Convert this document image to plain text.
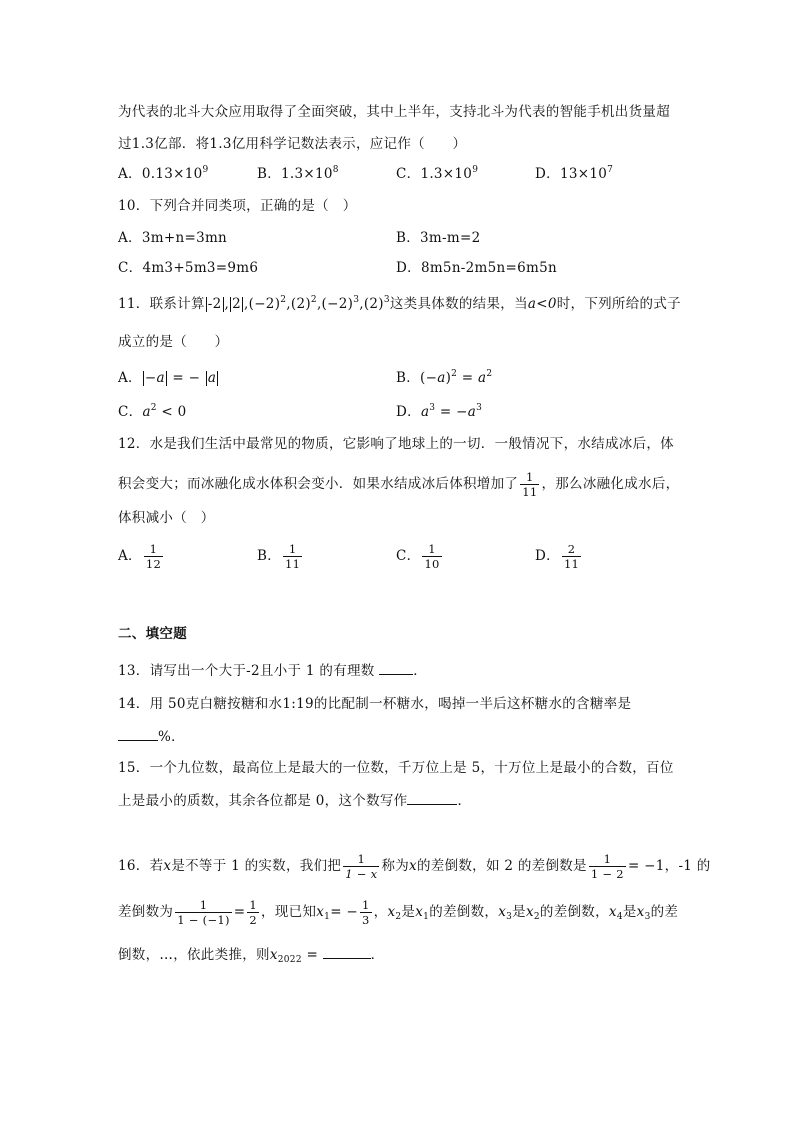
为代表的北斗大众应用取得了全面突破，其中上半年，支持北斗为代表的智能手机出货量超
过1.3亿部．将1.3亿用科学记数法表示，应记作（　　）
A．$0.13\times 10^9$	B．$1.3\times 10^8$	C．$1.3\times 10^9$	D．$13\times 10^7$
10．下列合并同类项，正确的是（　）
A．3m+n=3mn	B．3m-m=2
C．4m3+5m3=9m6	D．8m5n-2m5n=6m5n
11．联系计算 -2 , 2 $,(-2)^2,(2)^2,(-2)^3,(2)^3$这类具体数的结果，当a<0时，下列所给的式子
成立的是（　　）
A． −a = − a	B．$(-a)^2 = a^2$
C．$a^2 < 0$	D．$a^3 = -a^3$
12．水是我们生活中最常见的物质，它影响了地球上的一切．一般情况下，水结成冰后，体
积会变大；而冰融化成水体积会变小．如果水结成冰后体积增加了 $\frac{1}{11}$ ，那么冰融化成水后，
体积减小（　）
A． $\frac{1}{12}$	B． $\frac{1}{11}$	C． $\frac{1}{10}$	D． $\frac{2}{11}$
二、填空题
13．请写出一个大于-2且小于 1 的有理数	．
14．用 50克白糖按糖和水1:19的比配制一杯糖水，喝掉一半后这杯糖水的含糖率是
%．
15．一个九位数，最高位上是最大的一位数，千万位上是 5，十万位上是最小的合数，百位
上是最小的质数，其余各位都是 0，这个数写作	．
16．若x是不等于 1 的实数，我们把 $\frac{1}{1 - x}$ 称为x的差倒数，如 2 的差倒数是 $\frac{1}{1 - 2} = -1$，-1 的
差倒数为 $\frac{1}{1 - (-1)} = \frac{1}{2}$ ，现已知$x_1= - \frac{1}{3}$ ，$x_2$是$x_1$的差倒数，$x_3$是$x_2$的差倒数，$x_4$是$x_3$的差
倒数，…，依此类推，则$x_{2022}$ =	．
